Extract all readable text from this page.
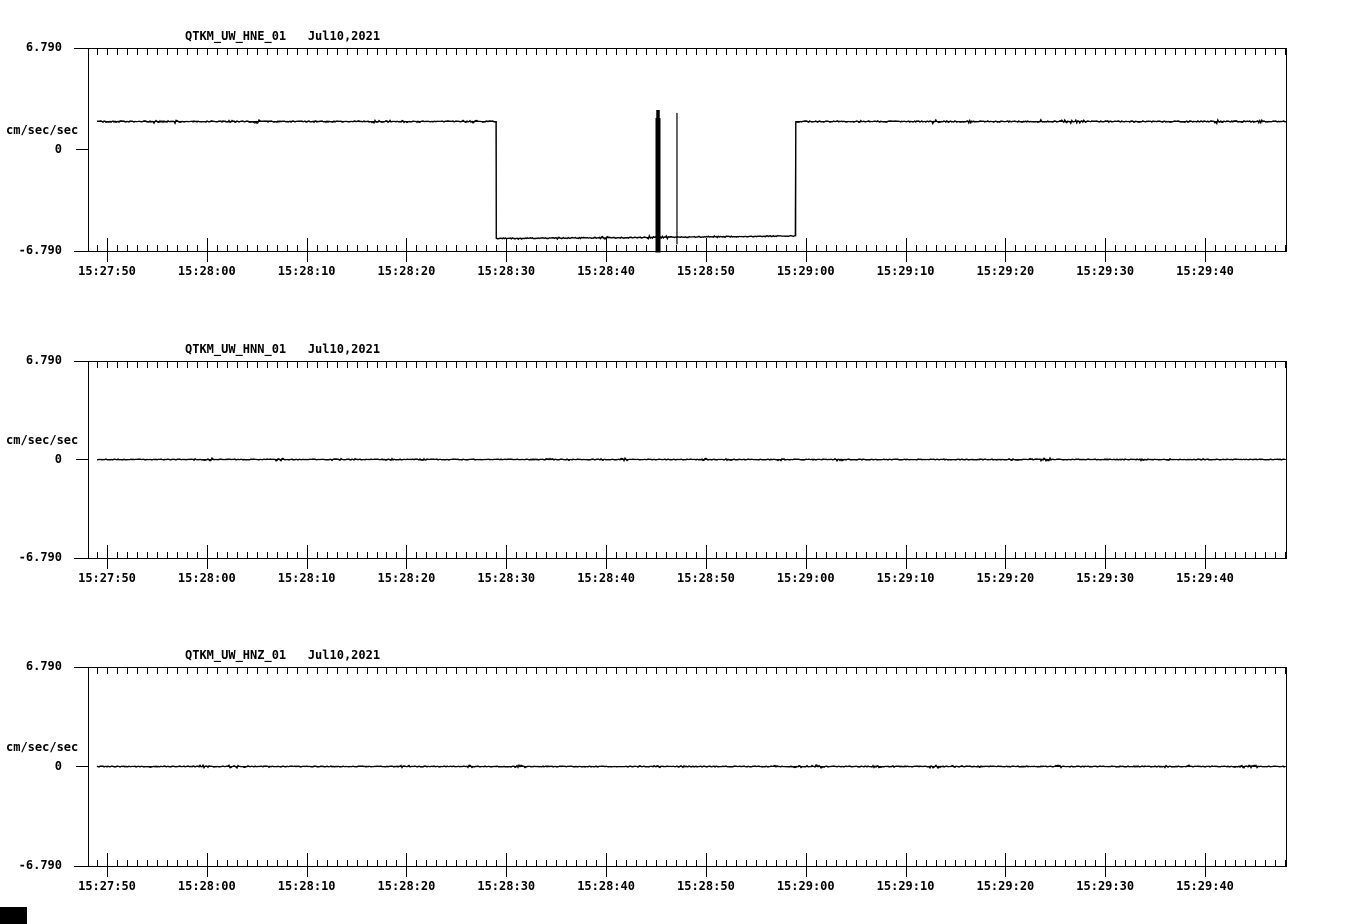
QTKM_UW_HNE_01   Jul10,2021
6.790
cm/sec/sec
0
-6.790
QTKM_UW_HNN_01   Jul10,2021
6.790
cm/sec/sec
0
-6.790
QTKM_UW_HNZ_01   Jul10,2021
6.790
cm/sec/sec
0
-6.790
15:27:50	15:28:00	15:28:10	15:28:20	15:28:30	15:28:40	15:28:50	15:29:00	15:29:10	15:29:20	15:29:30	15:29:40
15:27:50	15:28:00	15:28:10	15:28:20	15:28:30	15:28:40	15:28:50	15:29:00	15:29:10	15:29:20	15:29:30	15:29:40
15:27:50	15:28:00	15:28:10	15:28:20	15:28:30	15:28:40	15:28:50	15:29:00	15:29:10	15:29:20	15:29:30	15:29:40
